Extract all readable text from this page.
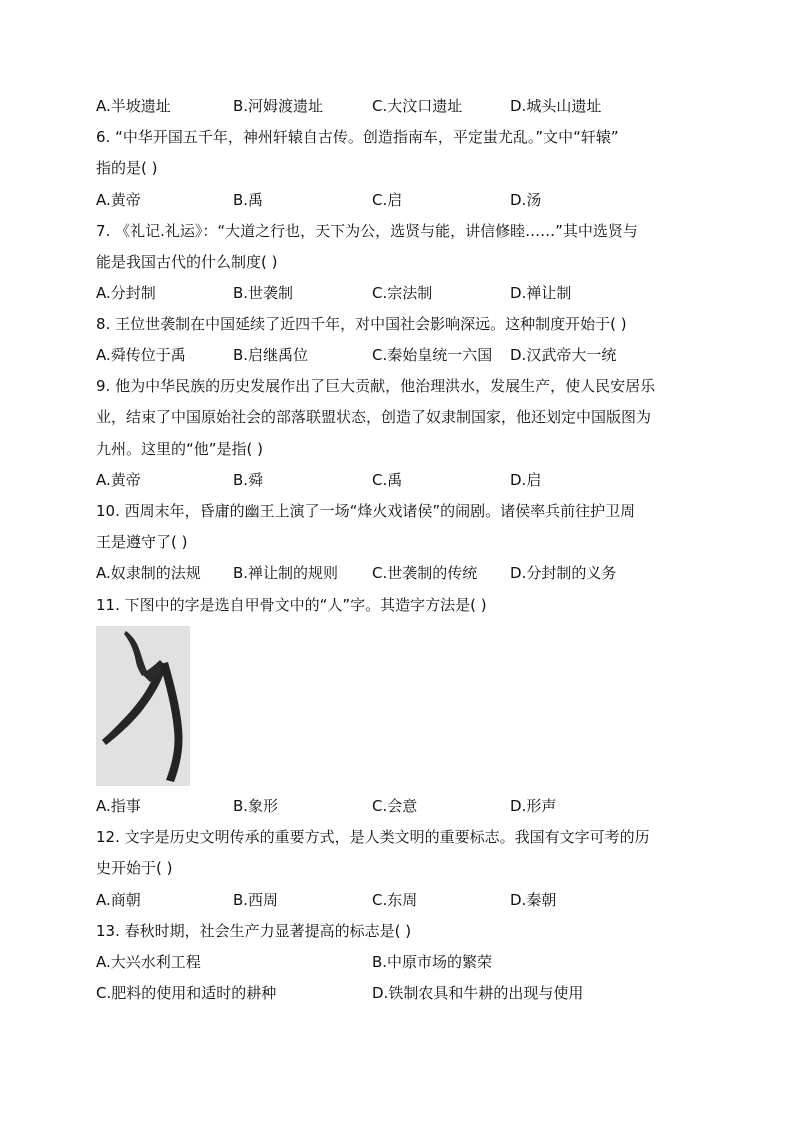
A.半坡遗址	B.河姆渡遗址	C.大汶口遗址	D.城头山遗址
6. “中华开国五千年，神州轩辕自古传。创造指南车，平定蚩尤乱。”文中“轩辕”
指的是( )
A.黄帝	B.禹	C.启	D.汤
7. 《礼记.礼运》：“大道之行也，天下为公，选贤与能，讲信修睦……”其中选贤与
能是我国古代的什么制度( )
A.分封制	B.世袭制	C.宗法制	D.禅让制
8. 王位世袭制在中国延续了近四千年，对中国社会影响深远。这种制度开始于( )
A.舜传位于禹	B.启继禹位	C.秦始皇统一六国 D.汉武帝大一统
9. 他为中华民族的历史发展作出了巨大贡献，他治理洪水，发展生产，使人民安居乐
业，结束了中国原始社会的部落联盟状态，创造了奴隶制国家，他还划定中国版图为
九州。这里的“他”是指( )
A.黄帝	B.舜	C.禹	D.启
10. 西周末年，昏庸的幽王上演了一场“烽火戏诸侯”的闹剧。诸侯率兵前往护卫周
王是遵守了( )
A.奴隶制的法规 B.禅让制的规则 C.世袭制的传统 D.分封制的义务
11. 下图中的字是选自甲骨文中的“人”字。其造字方法是( )
A.指事	B.象形	C.会意	D.形声
12. 文字是历史文明传承的重要方式，是人类文明的重要标志。我国有文字可考的历
史开始于( )
A.商朝	B.西周	C.东周	D.秦朝
13. 春秋时期，社会生产力显著提高的标志是( )
A.大兴水利工程	B.中原市场的繁荣
C.肥料的使用和适时的耕种	D.铁制农具和牛耕的出现与使用
